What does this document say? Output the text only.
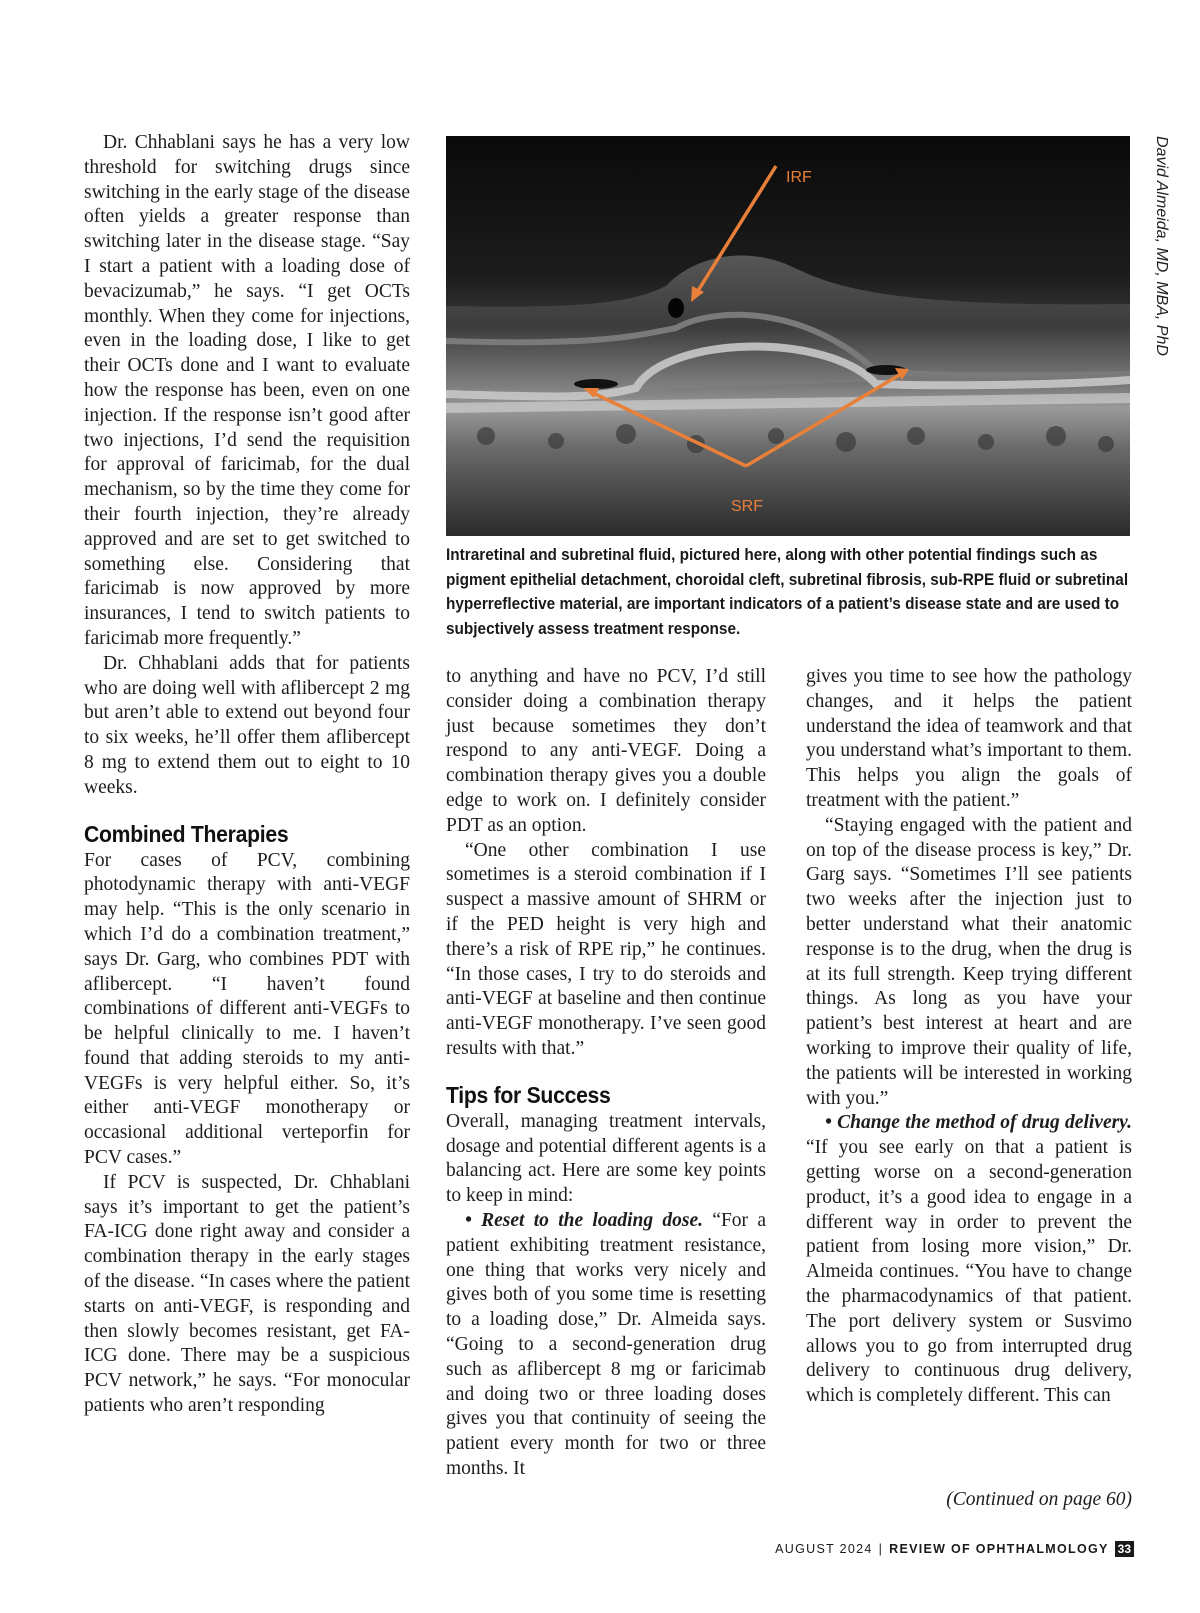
Dr. Chhablani says he has a very low threshold for switching drugs since switching in the early stage of the disease often yields a greater response than switching later in the disease stage. “Say I start a patient with a loading dose of bevacizumab,” he says. “I get OCTs monthly. When they come for injections, even in the loading dose, I like to get their OCTs done and I want to evaluate how the response has been, even on one injection. If the response isn’t good after two injections, I’d send the requisition for approval of faricimab, for the dual mechanism, so by the time they come for their fourth injection, they’re already approved and are set to get switched to something else. Considering that faricimab is now approved by more insurances, I tend to switch patients to faricimab more frequently.”

Dr. Chhablani adds that for patients who are doing well with aflibercept 2 mg but aren’t able to extend out beyond four to six weeks, he’ll offer them aflibercept 8 mg to extend them out to eight to 10 weeks.

Combined Therapies

For cases of PCV, combining photodynamic therapy with anti-VEGF may help. “This is the only scenario in which I’d do a combination treatment,” says Dr. Garg, who combines PDT with aflibercept. “I haven’t found combinations of different anti-VEGFs to be helpful clinically to me. I haven’t found that adding steroids to my anti-VEGFs is very helpful either. So, it’s either anti-VEGF monotherapy or occasional additional verteporfin for PCV cases.”

If PCV is suspected, Dr. Chhablani says it’s important to get the patient’s FA-ICG done right away and consider a combination therapy in the early stages of the disease. “In cases where the patient starts on anti-VEGF, is responding and then slowly becomes resistant, get FA-ICG done. There may be a suspicious PCV network,” he says. “For monocular patients who aren’t responding

IRF
SRF
David Almeida, MD, MBA, PhD
Intraretinal and subretinal fluid, pictured here, along with other potential findings such as pigment epithelial detachment, choroidal cleft, subretinal fibrosis, sub-RPE fluid or subretinal hyperreflective material, are important indicators of a patient’s disease state and are used to subjectively assess treatment response.

to anything and have no PCV, I’d still consider doing a combination therapy just because sometimes they don’t respond to any anti-VEGF. Doing a combination therapy gives you a double edge to work on. I definitely consider PDT as an option.

“One other combination I use sometimes is a steroid combination if I suspect a massive amount of SHRM or if the PED height is very high and there’s a risk of RPE rip,” he continues. “In those cases, I try to do steroids and anti-VEGF at baseline and then continue anti-VEGF monotherapy. I’ve seen good results with that.”

Tips for Success

Overall, managing treatment intervals, dosage and potential different agents is a balancing act. Here are some key points to keep in mind:

• Reset to the loading dose. “For a patient exhibiting treatment resistance, one thing that works very nicely and gives both of you some time is resetting to a loading dose,” Dr. Almeida says. “Going to a second-generation drug such as aflibercept 8 mg or faricimab and doing two or three loading doses gives you that continuity of seeing the patient every month for two or three months. It

gives you time to see how the pathology changes, and it helps the patient understand the idea of teamwork and that you understand what’s important to them. This helps you align the goals of treatment with the patient.”

“Staying engaged with the patient and on top of the disease process is key,” Dr. Garg says. “Sometimes I’ll see patients two weeks after the injection just to better understand what their anatomic response is to the drug, when the drug is at its full strength. Keep trying different things. As long as you have your patient’s best interest at heart and are working to improve their quality of life, the patients will be interested in working with you.”

• Change the method of drug delivery. “If you see early on that a patient is getting worse on a second-generation product, it’s a good idea to engage in a different way in order to prevent the patient from losing more vision,” Dr. Almeida continues. “You have to change the pharmacodynamics of that patient. The port delivery system or Susvimo allows you to go from interrupted drug delivery to continuous drug delivery, which is completely different. This can

(Continued on page 60)
AUGUST 2024 | REVIEW OF OPHTHALMOLOGY 33
